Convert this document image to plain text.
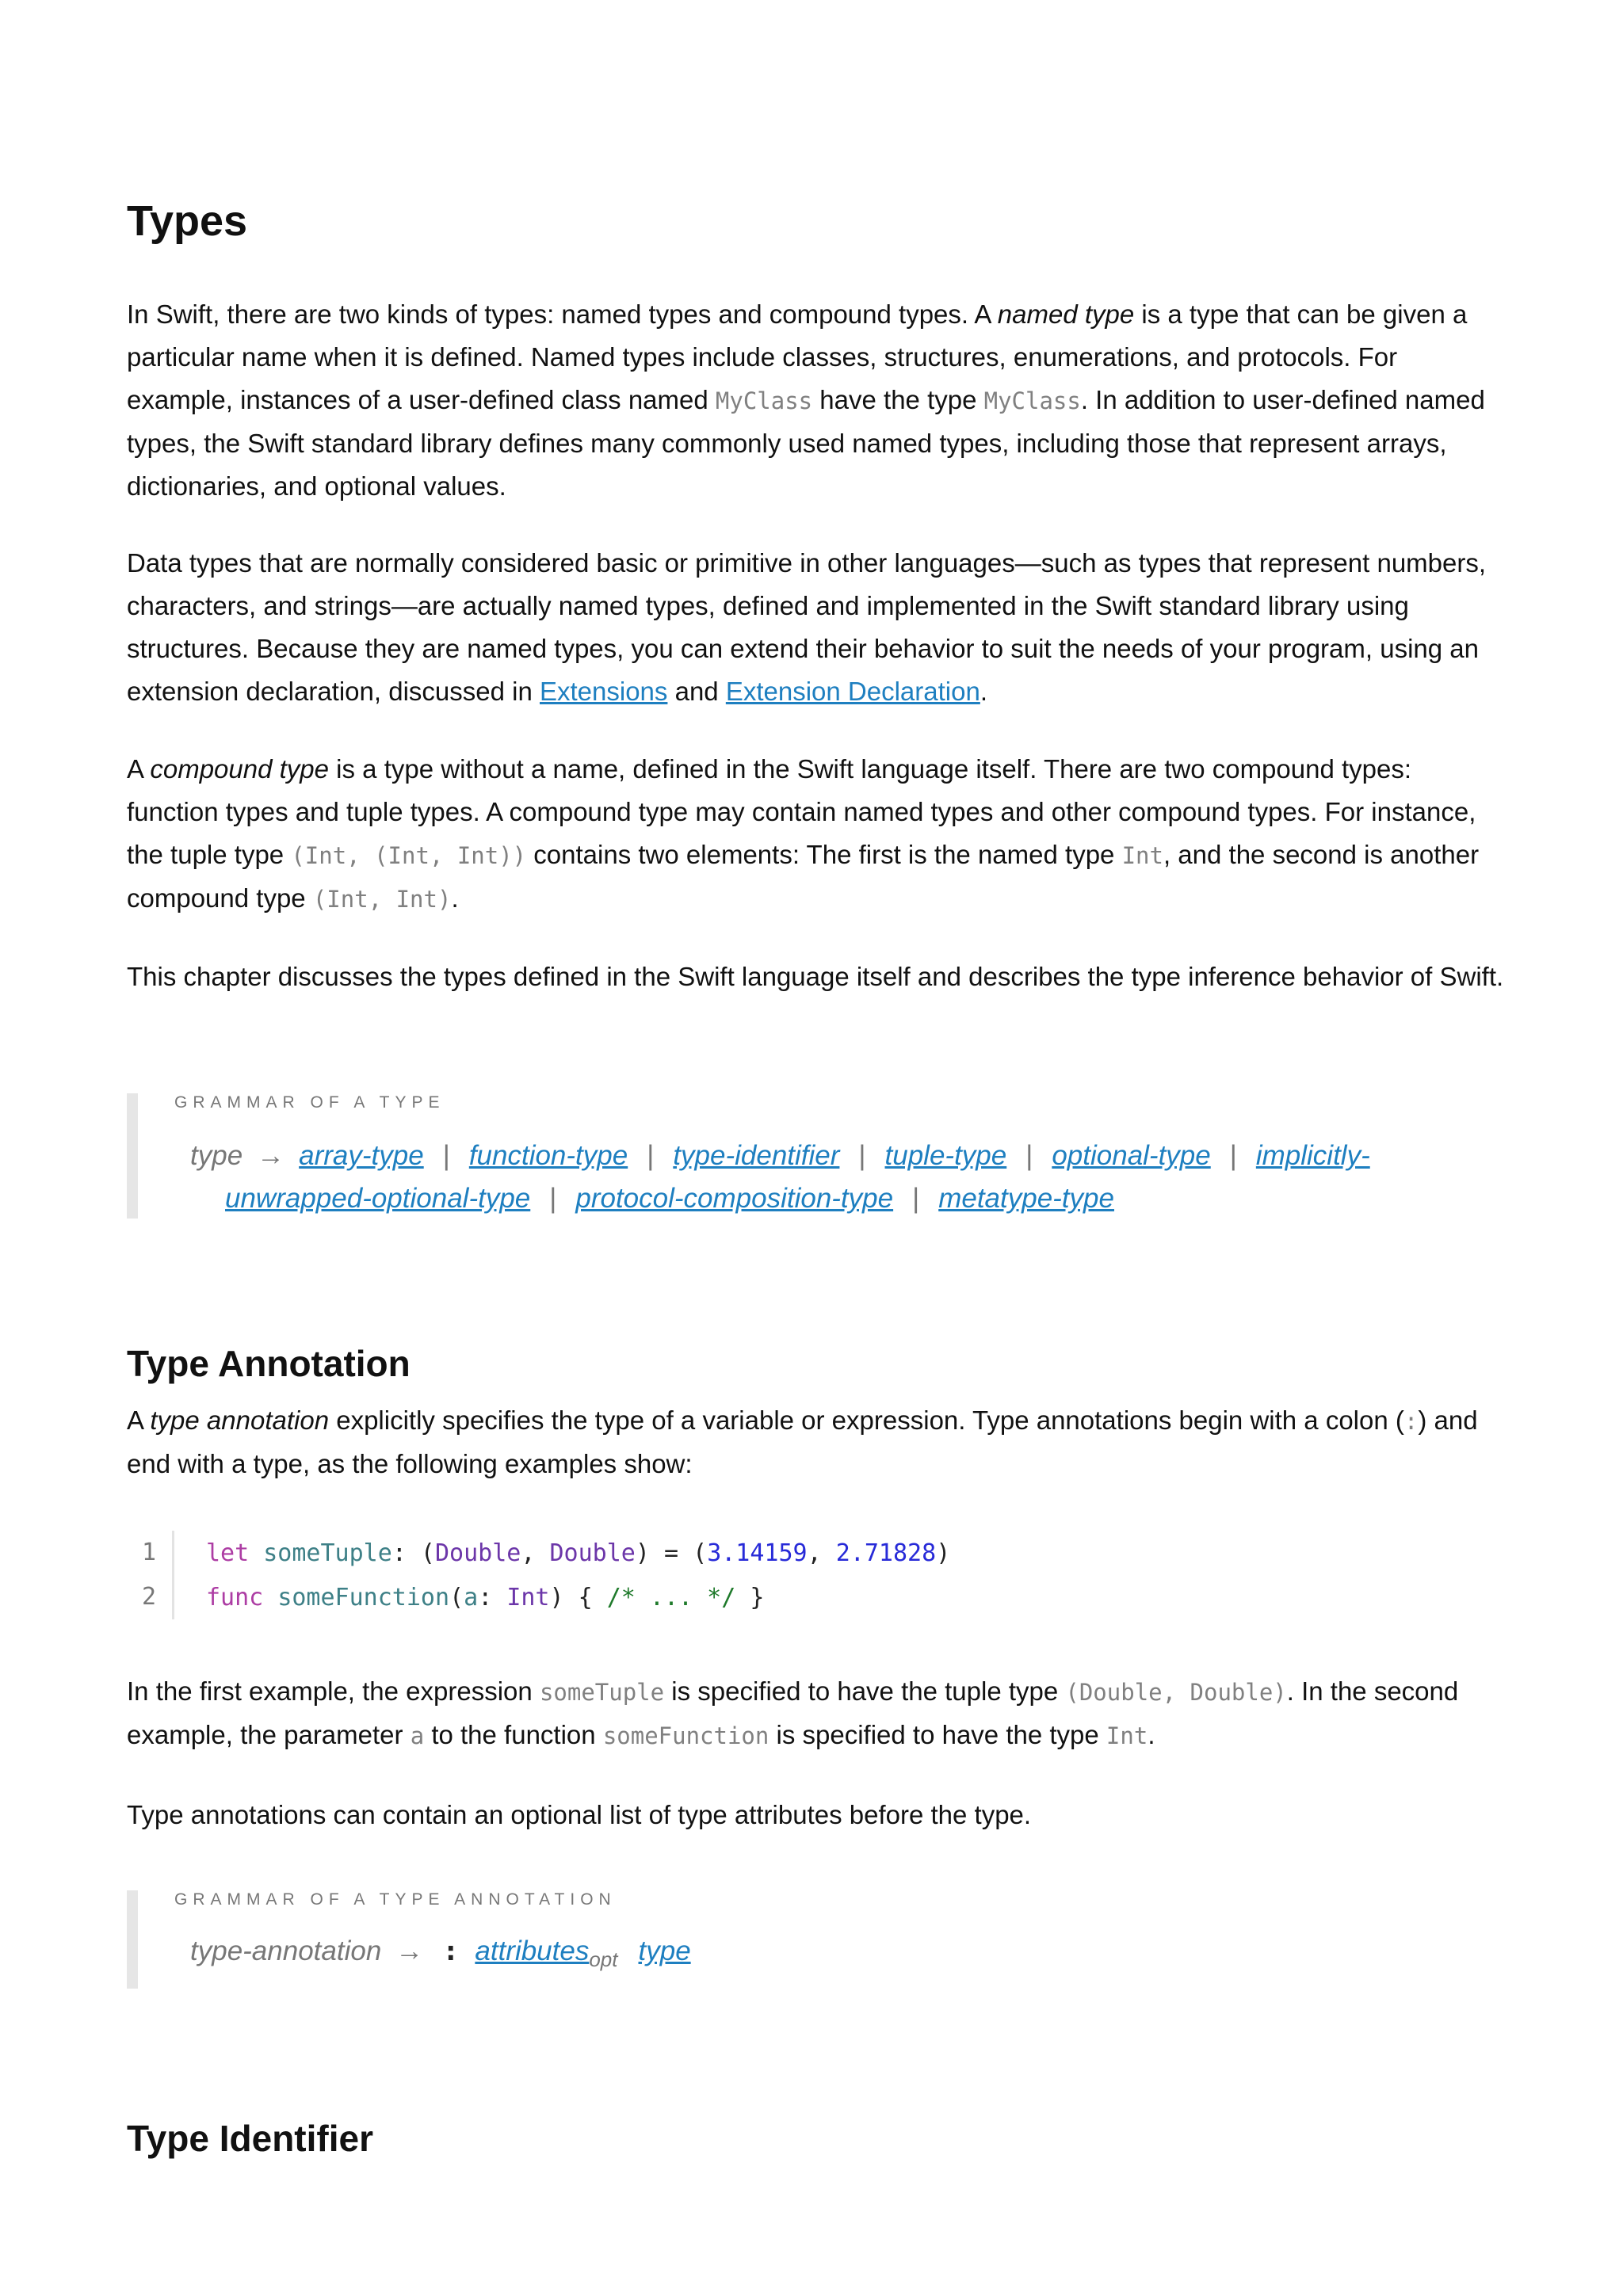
Types

In Swift, there are two kinds of types: named types and compound types. A named type is a type that can be given a particular name when it is defined. Named types include classes, structures, enumerations, and protocols. For example, instances of a user-defined class named MyClass have the type MyClass. In addition to user-defined named types, the Swift standard library defines many commonly used named types, including those that represent arrays, dictionaries, and optional values.

Data types that are normally considered basic or primitive in other languages—such as types that represent numbers, characters, and strings—are actually named types, defined and implemented in the Swift standard library using structures. Because they are named types, you can extend their behavior to suit the needs of your program, using an extension declaration, discussed in Extensions and Extension Declaration.

A compound type is a type without a name, defined in the Swift language itself. There are two compound types: function types and tuple types. A compound type may contain named types and other compound types. For instance, the tuple type (Int, (Int, Int)) contains two elements: The first is the named type Int, and the second is another compound type (Int, Int).

This chapter discusses the types defined in the Swift language itself and describes the type inference behavior of Swift.

GRAMMAR OF A TYPE
type → array-type | function-type | type-identifier | tuple-type | optional-type | implicitly-
unwrapped-optional-type | protocol-composition-type | metatype-type
Type Annotation

A type annotation explicitly specifies the type of a variable or expression. Type annotations begin with a colon (:) and end with a type, as the following examples show:

1	let someTuple: (Double, Double) = (3.14159, 2.71828)
2	func someFunction(a: Int) { /* ... */ }

In the first example, the expression someTuple is specified to have the tuple type (Double, Double). In the second example, the parameter a to the function someFunction is specified to have the type Int.

Type annotations can contain an optional list of type attributes before the type.

GRAMMAR OF A TYPE ANNOTATION
type-annotation → : attributes$_{opt}$ type
Type Identifier
